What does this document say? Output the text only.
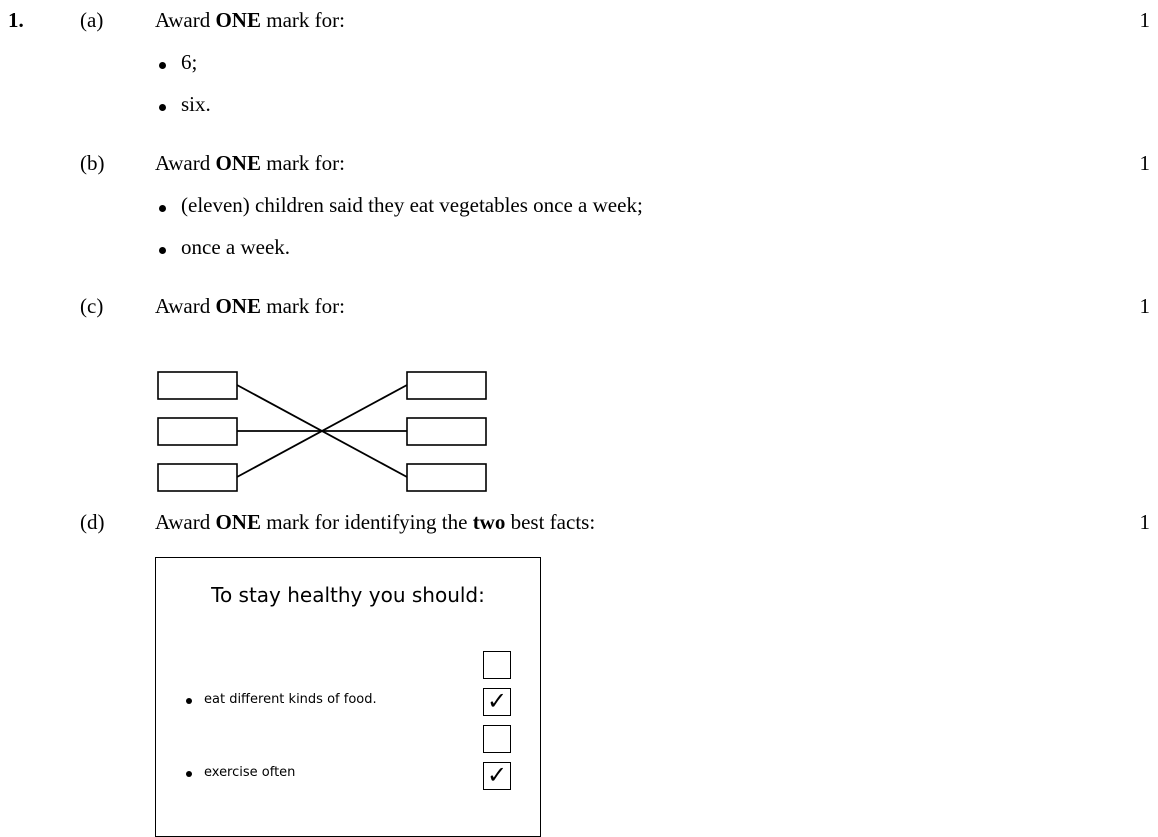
1.	(a) Award ONE mark for:	1
6;
six.
(b) Award ONE mark for:	1
(eleven) children said they eat vegetables once a week;
once a week.
(c) Award ONE mark for:	1
(d) Award ONE mark for identifying the two best facts:	1
To stay healthy you should:
eat different kinds of food.	✓
exercise often	✓
